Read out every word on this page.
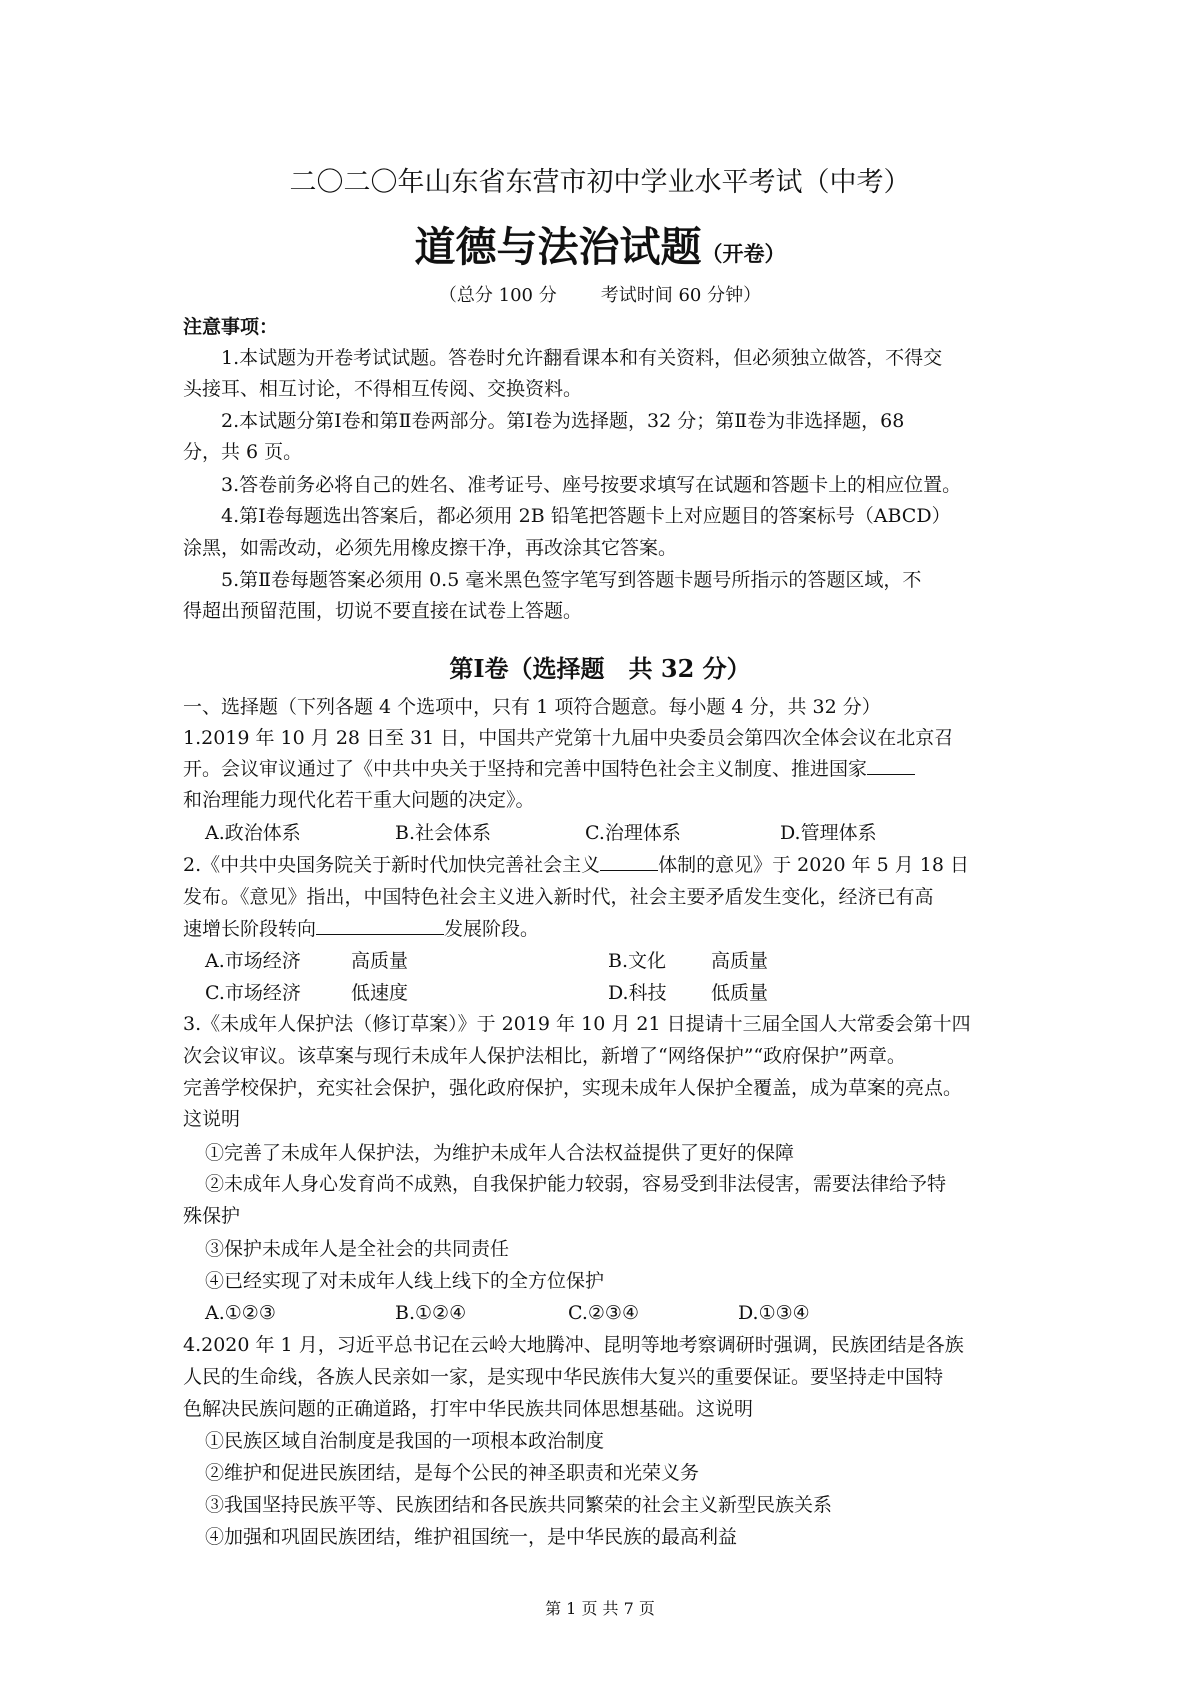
二〇二〇年山东省东营市初中学业水平考试（中考）
道德与法治试题（开卷）
（总分 100 分 考试时间 60 分钟）
注意事项：
1.本试题为开卷考试试题。答卷时允许翻看课本和有关资料，但必须独立做答，不得交
头接耳、相互讨论，不得相互传阅、交换资料。
2.本试题分第Ⅰ卷和第Ⅱ卷两部分。第Ⅰ卷为选择题，32 分；第Ⅱ卷为非选择题，68
分，共 6 页。
3.答卷前务必将自己的姓名、准考证号、座号按要求填写在试题和答题卡上的相应位置。
4.第Ⅰ卷每题选出答案后，都必须用 2B 铅笔把答题卡上对应题目的答案标号（ABCD）
涂黑，如需改动，必须先用橡皮擦干净，再改涂其它答案。
5.第Ⅱ卷每题答案必须用 0.5 毫米黑色签字笔写到答题卡题号所指示的答题区域，不
得超出预留范围，切说不要直接在试卷上答题。
第Ⅰ卷（选择题　共 32 分）
一、选择题（下列各题 4 个选项中，只有 1 项符合题意。每小题 4 分，共 32 分）
1.2019 年 10 月 28 日至 31 日，中国共产党第十九届中央委员会第四次全体会议在北京召
开。会议审议通过了《中共中央关于坚持和完善中国特色社会主义制度、推进国家
和治理能力现代化若干重大问题的决定》。
A.政治体系	B.社会体系	C.治理体系	D.管理体系
2.《中共中央国务院关于新时代加快完善社会主义	体制的意见》于 2020 年 5 月 18 日
发布。《意见》指出，中国特色社会主义进入新时代，社会主要矛盾发生变化，经济已有高
速增长阶段转向	发展阶段。
A.市场经济	高质量	B.文化 高质量
C.市场经济	低速度	D.科技 低质量
3.《未成年人保护法（修订草案）》于 2019 年 10 月 21 日提请十三届全国人大常委会第十四
次会议审议。该草案与现行未成年人保护法相比，新增了“网络保护”“政府保护”两章。
完善学校保护，充实社会保护，强化政府保护，实现未成年人保护全覆盖，成为草案的亮点。
这说明
①完善了未成年人保护法，为维护未成年人合法权益提供了更好的保障
②未成年人身心发育尚不成熟，自我保护能力较弱，容易受到非法侵害，需要法律给予特
殊保护
③保护未成年人是全社会的共同责任
④已经实现了对未成年人线上线下的全方位保护
A.①②③	B.①②④	C.②③④	D.①③④
4.2020 年 1 月，习近平总书记在云岭大地腾冲、昆明等地考察调研时强调，民族团结是各族
人民的生命线，各族人民亲如一家，是实现中华民族伟大复兴的重要保证。要坚持走中国特
色解决民族问题的正确道路，打牢中华民族共同体思想基础。这说明
①民族区域自治制度是我国的一项根本政治制度
②维护和促进民族团结，是每个公民的神圣职责和光荣义务
③我国坚持民族平等、民族团结和各民族共同繁荣的社会主义新型民族关系
④加强和巩固民族团结，维护祖国统一，是中华民族的最高利益
第 1 页 共 7 页
